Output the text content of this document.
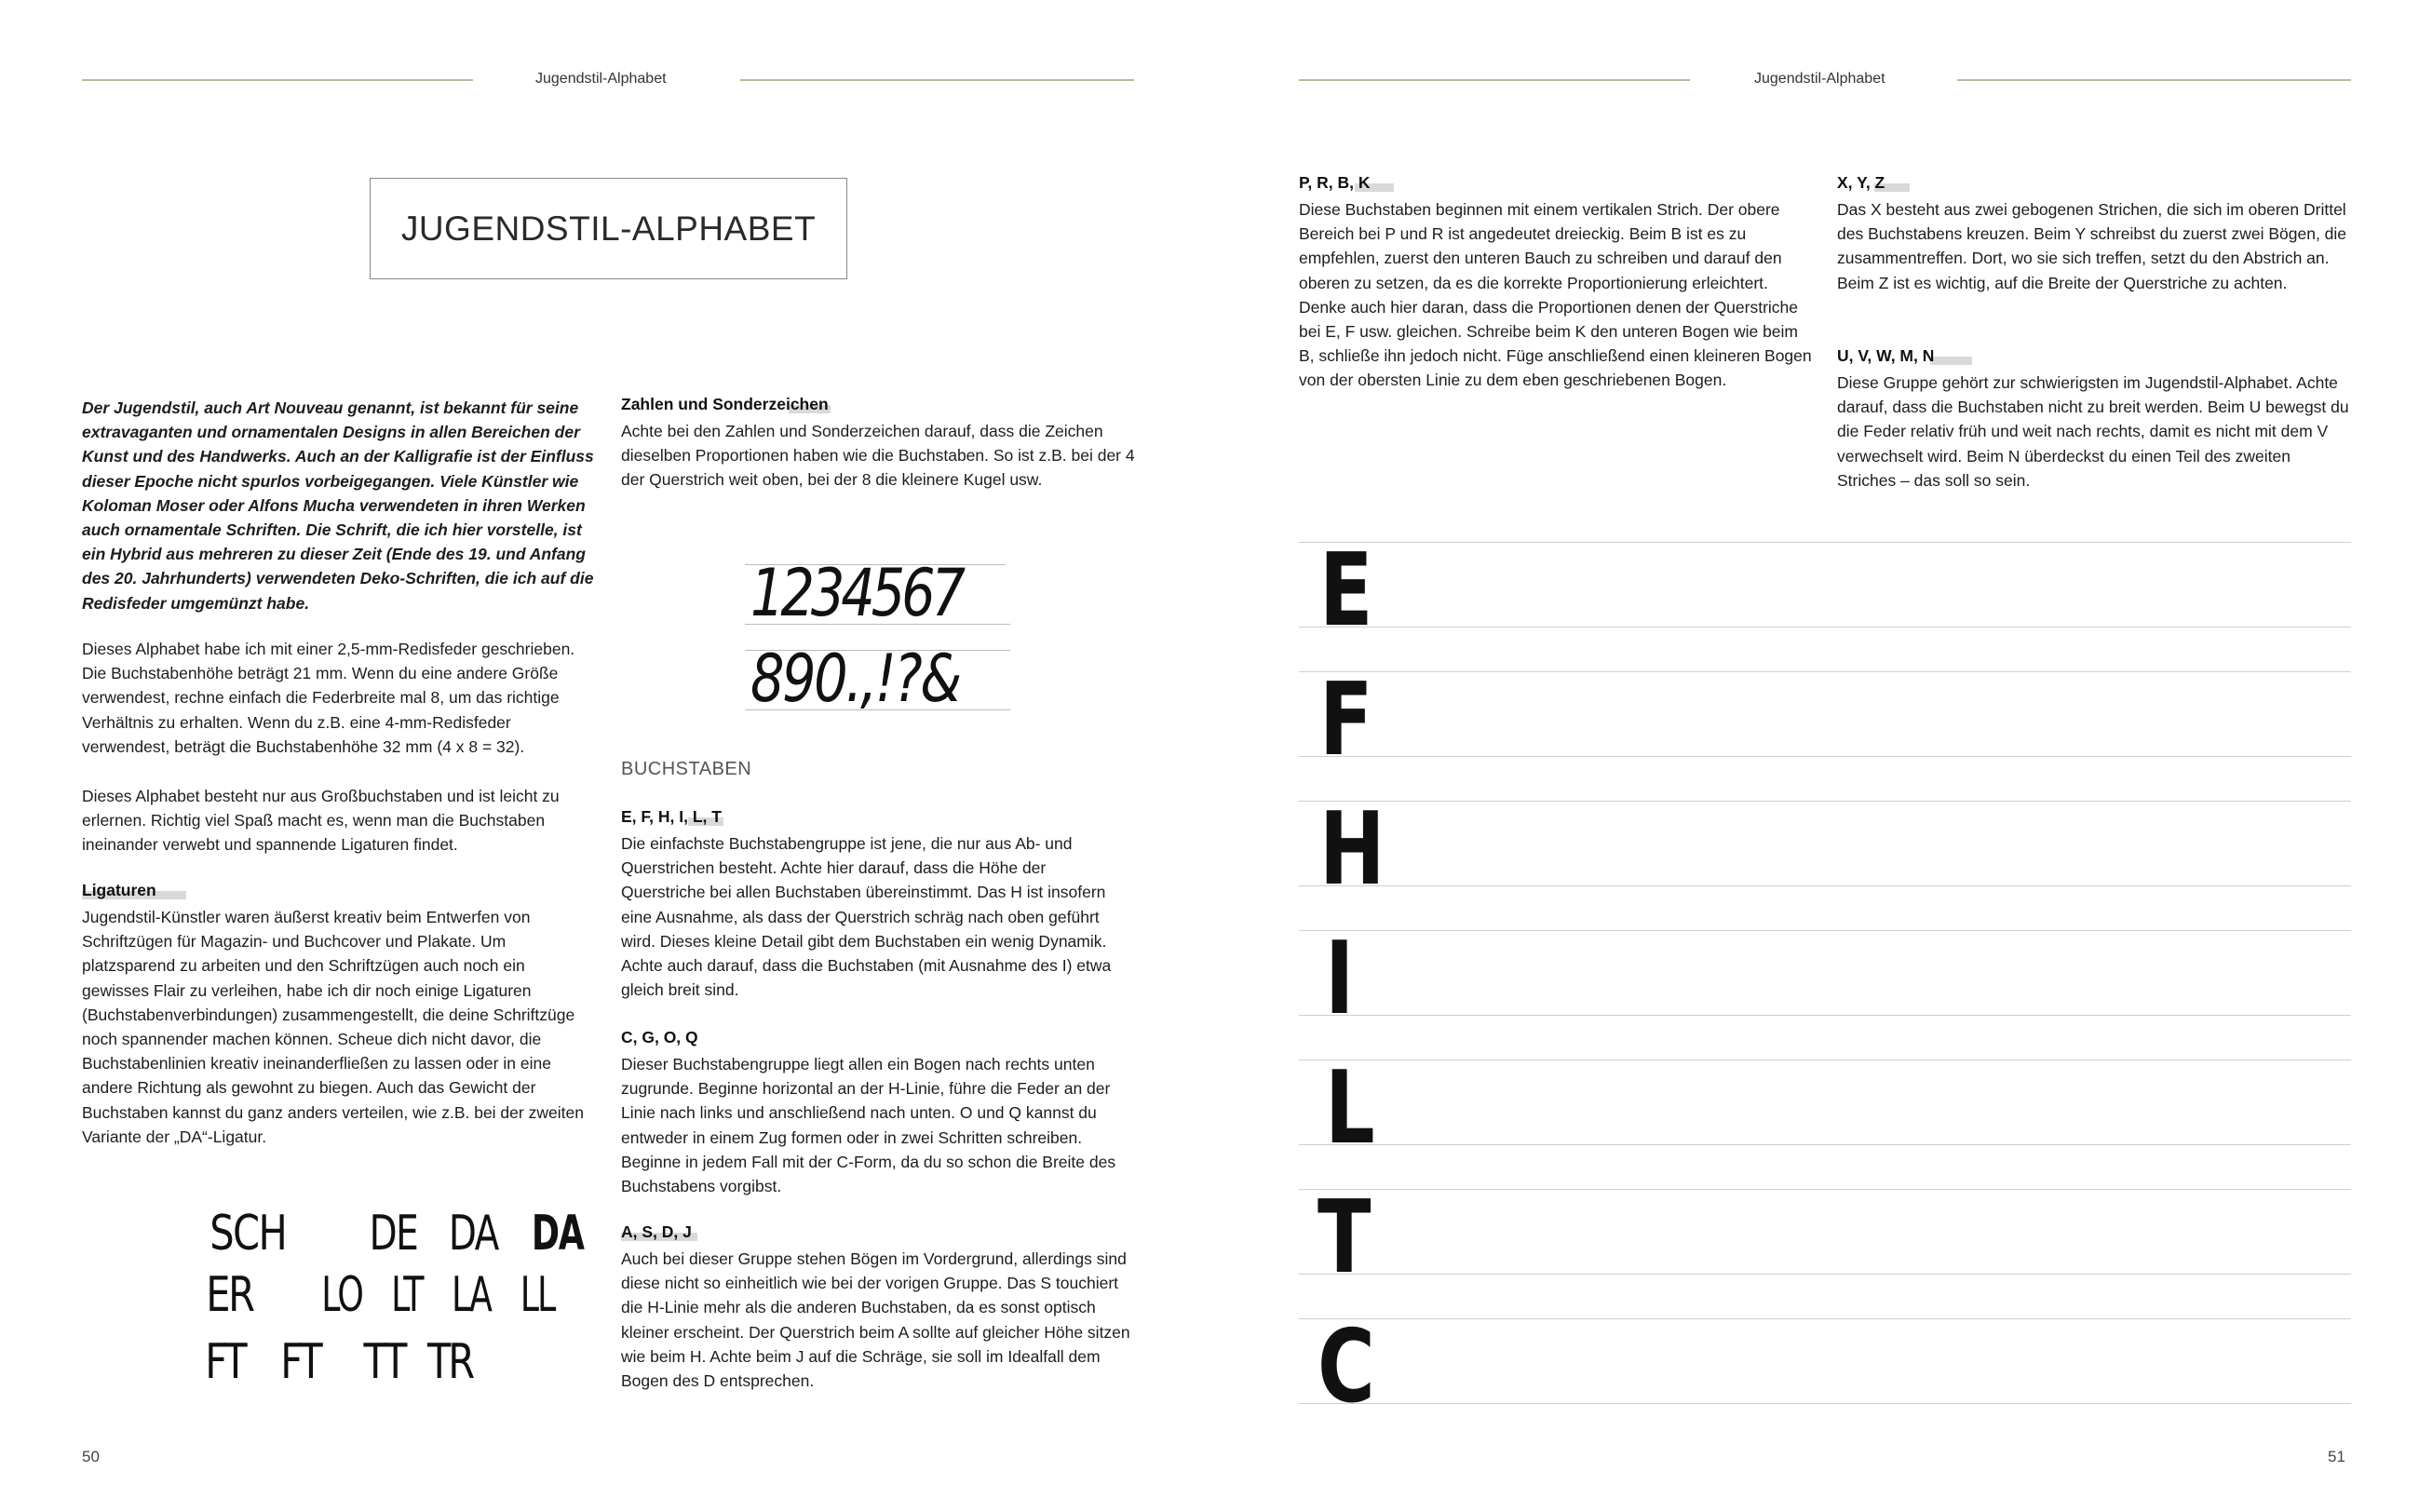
Jugendstil-Alphabet	Jugendstil-Alphabet
JUGENDSTIL-ALPHABET
Der Jugendstil, auch Art Nouveau genannt, ist bekannt für seine extravaganten und ornamentalen Designs in allen Bereichen der Kunst und des Handwerks. Auch an der Kalligrafie ist der Einfluss dieser Epoche nicht spurlos vorbeigegangen. Viele Künstler wie Koloman Moser oder Alfons Mucha verwendeten in ihren Werken auch ornamentale Schriften. Die Schrift, die ich hier vorstelle, ist ein Hybrid aus mehreren zu dieser Zeit (Ende des 19. und Anfang des 20. Jahrhunderts) verwendeten Deko-Schriften, die ich auf die Redisfeder umgemünzt habe.
Dieses Alphabet habe ich mit einer 2,5-mm-Redisfeder geschrieben. Die Buchstabenhöhe beträgt 21 mm. Wenn du eine andere Größe verwendest, rechne einfach die Federbreite mal 8, um das richtige Verhältnis zu erhalten. Wenn du z.B. eine 4-mm-Redisfeder verwendest, beträgt die Buchstabenhöhe 32 mm (4 x 8 = 32).
Dieses Alphabet besteht nur aus Großbuchstaben und ist leicht zu erlernen. Richtig viel Spaß macht es, wenn man die Buchstaben ineinander verwebt und spannende Ligaturen findet.
Ligaturen
Jugendstil-Künstler waren äußerst kreativ beim Entwerfen von Schriftzügen für Magazin- und Buchcover und Plakate. Um platzsparend zu arbeiten und den Schriftzügen auch noch ein gewisses Flair zu verleihen, habe ich dir noch einige Ligaturen (Buchstabenverbindungen) zusammengestellt, die deine Schriftzüge noch spannender machen können. Scheue dich nicht davor, die Buchstabenlinien kreativ ineinanderfließen zu lassen oder in eine andere Richtung als gewohnt zu biegen. Auch das Gewicht der Buchstaben kannst du ganz anders verteilen, wie z.B. bei der zweiten Variante der „DA“-Ligatur.
SCH DE DA DA
ER LO LT LA LL
FT FT TT TR
Zahlen und Sonderzeichen
Achte bei den Zahlen und Sonderzeichen darauf, dass die Zeichen dieselben Proportionen haben wie die Buchstaben. So ist z.B. bei der 4 der Querstrich weit oben, bei der 8 die kleinere Kugel usw.
1234567
890.,!?&
BUCHSTABEN
E, F, H, I, L, T
Die einfachste Buchstabengruppe ist jene, die nur aus Ab- und Querstrichen besteht. Achte hier darauf, dass die Höhe der Querstriche bei allen Buchstaben übereinstimmt. Das H ist insofern eine Ausnahme, als dass der Querstrich schräg nach oben geführt wird. Dieses kleine Detail gibt dem Buchstaben ein wenig Dynamik. Achte auch darauf, dass die Buchstaben (mit Ausnahme des I) etwa gleich breit sind.
C, G, O, Q
Dieser Buchstabengruppe liegt allen ein Bogen nach rechts unten zugrunde. Beginne horizontal an der H-Linie, führe die Feder an der Linie nach links und anschließend nach unten. O und Q kannst du entweder in einem Zug formen oder in zwei Schritten schreiben. Beginne in jedem Fall mit der C-Form, da du so schon die Breite des Buchstabens vorgibst.
A, S, D, J
Auch bei dieser Gruppe stehen Bögen im Vordergrund, allerdings sind diese nicht so einheitlich wie bei der vorigen Gruppe. Das S touchiert die H-Linie mehr als die anderen Buchstaben, da es sonst optisch kleiner erscheint. Der Querstrich beim A sollte auf gleicher Höhe sitzen wie beim H. Achte beim J auf die Schräge, sie soll im Idealfall dem Bogen des D entsprechen.
50
P, R, B, K
Diese Buchstaben beginnen mit einem vertikalen Strich. Der obere Bereich bei P und R ist angedeutet dreieckig. Beim B ist es zu empfehlen, zuerst den unteren Bauch zu schreiben und darauf den oberen zu setzen, da es die korrekte Proportionierung erleichtert. Denke auch hier daran, dass die Proportionen denen der Querstriche bei E, F usw. gleichen. Schreibe beim K den unteren Bogen wie beim B, schließe ihn jedoch nicht. Füge anschließend einen kleineren Bogen von der obersten Linie zu dem eben geschriebenen Bogen.
X, Y, Z
Das X besteht aus zwei gebogenen Strichen, die sich im oberen Drittel des Buchstabens kreuzen. Beim Y schreibst du zuerst zwei Bögen, die zusammentreffen. Dort, wo sie sich treffen, setzt du den Abstrich an. Beim Z ist es wichtig, auf die Breite der Querstriche zu achten.
U, V, W, M, N
Diese Gruppe gehört zur schwierigsten im Jugendstil-Alphabet. Achte darauf, dass die Buchstaben nicht zu breit werden. Beim U bewegst du die Feder relativ früh und weit nach rechts, damit es nicht mit dem V verwechselt wird. Beim N überdeckst du einen Teil des zweiten Striches – das soll so sein.
E
F
H
I
L
T
C
51
